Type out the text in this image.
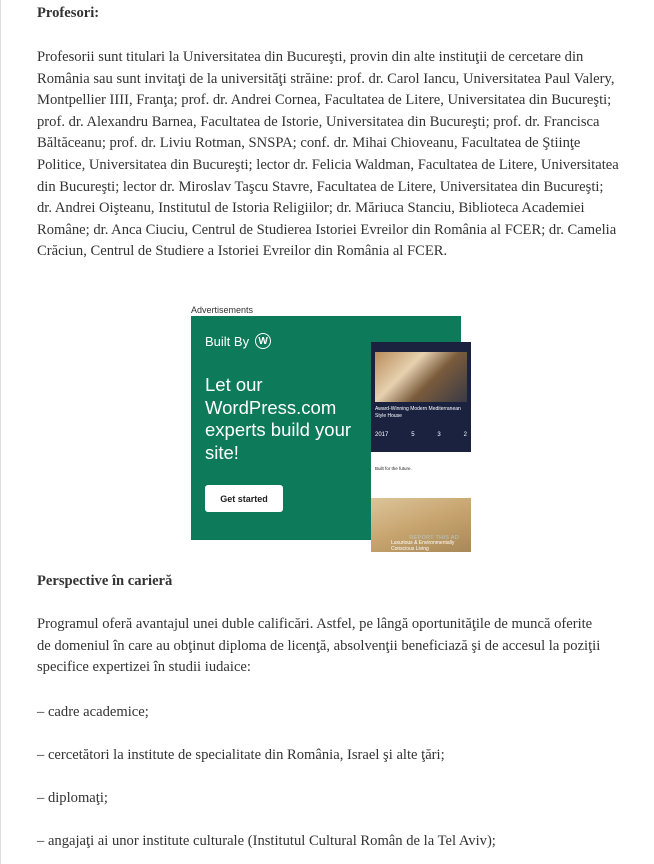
Profesori:

Profesorii sunt titulari la Universitatea din Bucureşti, provin din alte instituţii de cercetare din România sau sunt invitaţi de la universităţi străine: prof. dr. Carol Iancu, Universitatea Paul Valery, Montpellier IIII, Franţa; prof. dr. Andrei Cornea, Facultatea de Litere, Universitatea din Bucureşti; prof. dr. Alexandru Barnea, Facultatea de Istorie, Universitatea din Bucureşti; prof. dr. Francisca Băltăceanu; prof. dr. Liviu Rotman, SNSPA; conf. dr. Mihai Chioveanu, Facultatea de Ştiinţe Politice, Universitatea din Bucureşti; lector dr. Felicia Waldman, Facultatea de Litere, Universitatea din Bucureşti; lector dr. Miroslav Taşcu Stavre, Facultatea de Litere, Universitatea din Bucureşti; dr. Andrei Oişteanu, Institutul de Istoria Religiilor; dr. Măriuca Stanciu, Biblioteca Academiei Române; dr. Anca Ciuciu, Centrul de Studierea Istoriei Evreilor din România al FCER; dr. Camelia Crăciun, Centrul de Studiere a Istoriei Evreilor din România al FCER.

Perspective în carieră

Programul oferă avantajul unei duble calificări. Astfel, pe lângă oportunităţile de muncă oferite de domeniul în care au obţinut diploma de licenţă, absolvenţii beneficiază şi de accesul la poziţii specifice expertizei în studii iudaice:

– cadre academice;

– cercetători la institute de specialitate din România, Israel şi alte ţări;

– diplomaţi;

– angajaţi ai unor institute culturale (Institutul Cultural Român de la Tel Aviv);

Advertisements
Built By W
Let our WordPress.com experts build your site!
Get started
Award-Winning Modern Mediterranean Style House
2017	5	3	2
Built for the future.
Luxurious & Environmentally Conscious Living
REPORT THIS AD
